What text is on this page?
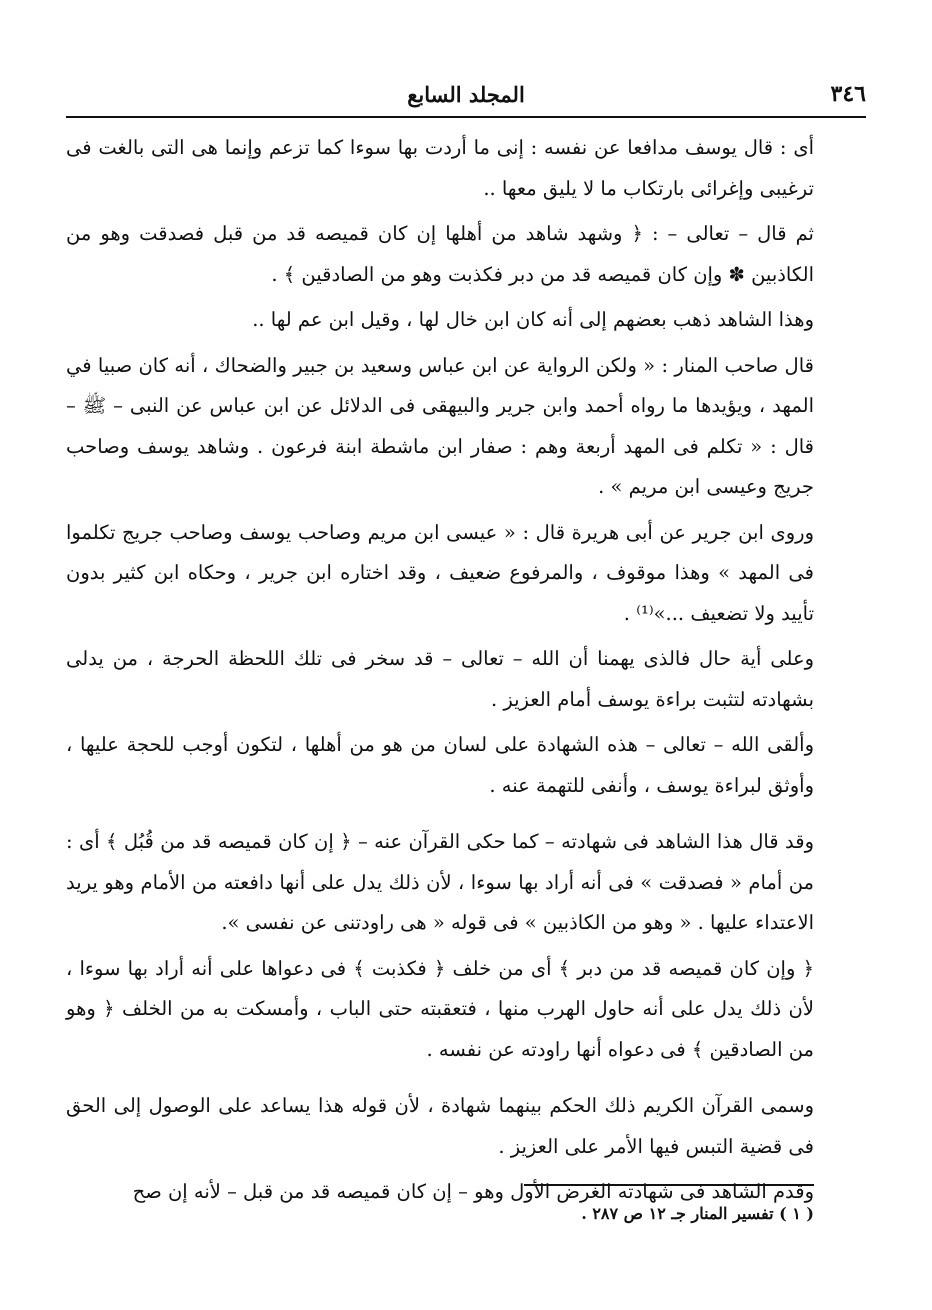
٣٤٦
المجلد السابع

أى : قال يوسف مدافعا عن نفسه : إنى ما أردت بها سوءا كما تزعم وإنما هى التى بالغت فى ترغيبى وإغرائى بارتكاب ما لا يليق معها ..

ثم قال – تعالى – : ﴿ وشهد شاهد من أهلها إن كان قميصه قد من قبل فصدقت وهو من الكاذبين ✽ وإن كان قميصه قد من دبر فكذبت وهو من الصادقين ﴾ .

وهذا الشاهد ذهب بعضهم إلى أنه كان ابن خال لها ، وقيل ابن عم لها ..

قال صاحب المنار : « ولكن الرواية عن ابن عباس وسعيد بن جبير والضحاك ، أنه كان صبيا في المهد ، ويؤيدها ما رواه أحمد وابن جرير والبيهقى فى الدلائل عن ابن عباس عن النبى – ﷺ – قال : « تكلم فى المهد أربعة وهم : صفار ابن ماشطة ابنة فرعون . وشاهد يوسف وصاحب جريج وعيسى ابن مريم » .

وروى ابن جرير عن أبى هريرة قال : « عيسى ابن مريم وصاحب يوسف وصاحب جريج تكلموا فى المهد » وهذا موقوف ، والمرفوع ضعيف ، وقد اختاره ابن جرير ، وحكاه ابن كثير بدون تأييد ولا تضعيف ...»⁽¹⁾ .

وعلى أية حال فالذى يهمنا أن الله – تعالى – قد سخر فى تلك اللحظة الحرجة ، من يدلى بشهادته لتثبت براءة يوسف أمام العزيز .

وألقى الله – تعالى – هذه الشهادة على لسان من هو من أهلها ، لتكون أوجب للحجة عليها ، وأوثق لبراءة يوسف ، وأنفى للتهمة عنه .

وقد قال هذا الشاهد فى شهادته – كما حكى القرآن عنه – ﴿ إن كان قميصه قد من قُبُل ﴾ أى : من أمام « فصدقت » فى أنه أراد بها سوءا ، لأن ذلك يدل على أنها دافعته من الأمام وهو يريد الاعتداء عليها . « وهو من الكاذبين » فى قوله « هى راودتنى عن نفسى ».

﴿ وإن كان قميصه قد من دبر ﴾ أى من خلف ﴿ فكذبت ﴾ فى دعواها على أنه أراد بها سوءا ، لأن ذلك يدل على أنه حاول الهرب منها ، فتعقبته حتى الباب ، وأمسكت به من الخلف ﴿ وهو من الصادقين ﴾ فى دعواه أنها راودته عن نفسه .

وسمى القرآن الكريم ذلك الحكم بينهما شهادة ، لأن قوله هذا يساعد على الوصول إلى الحق فى قضية التبس فيها الأمر على العزيز .

وقدم الشاهد فى شهادته الغرض الأول وهو – إن كان قميصه قد من قبل – لأنه إن صح

( ١ ) تفسير المنار جـ ١٢ ص ٢٨٧ .
